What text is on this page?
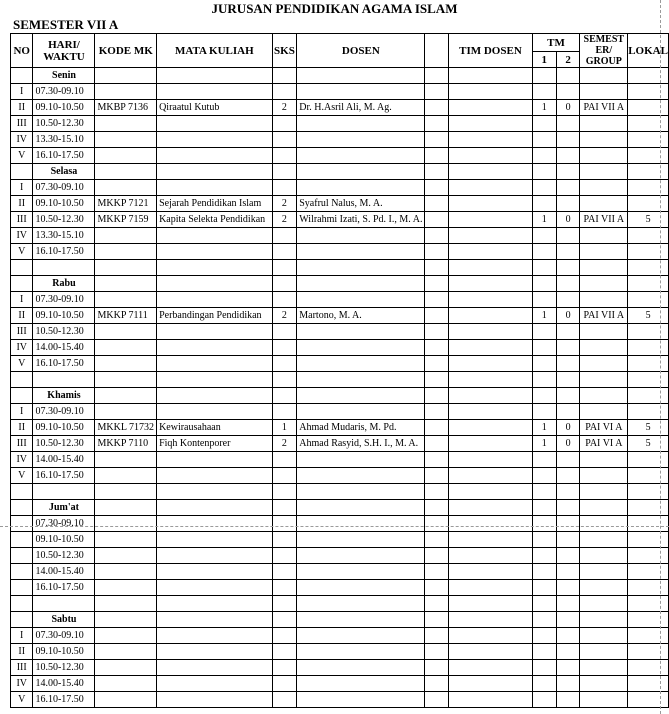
JURUSAN PENDIDIKAN AGAMA ISLAM
SEMESTER VII A
NO	HARI/ WAKTU	KODE MK	MATA KULIAH	SKS	DOSEN		TIM DOSEN	TM		SEMEST ER/ GROUP	LOKAL
								1	2		
	Senin										
I	07.30-09.10										
II	09.10-10.50	MKBP 7136	Qiraatul Kutub	2	Dr. H.Asril Ali, M. Ag.			1	0	PAI VII A	
III	10.50-12.30										
IV	13.30-15.10										
V	16.10-17.50										
	Selasa										
I	07.30-09.10										
II	09.10-10.50	MKKP 7121	Sejarah Pendidikan Islam	2	Syafrul Nalus, M. A.						
III	10.50-12.30	MKKP 7159	Kapita Selekta Pendidikan	2	Wilrahmi Izati, S. Pd. I., M. A.			1	0	PAI VII A	5
IV	13.30-15.10										
V	16.10-17.50										

	Rabu										
I	07.30-09.10										
II	09.10-10.50	MKKP 7111	Perbandingan Pendidikan	2	Martono, M. A.			1	0	PAI VII A	5
III	10.50-12.30										
IV	14.00-15.40										
V	16.10-17.50										

	Khamis										
I	07.30-09.10										
II	09.10-10.50	MKKL 71732	Kewirausahaan	1	Ahmad Mudaris, M. Pd.			1	0	PAI VI A	5
III	10.50-12.30	MKKP 7110	Fiqh Kontenporer	2	Ahmad Rasyid, S.H. I., M. A.			1	0	PAI VI A	5
IV	14.00-15.40										
V	16.10-17.50										

	Jum'at										
	07.30-09.10										
	09.10-10.50										
	10.50-12.30										
	14.00-15.40										
	16.10-17.50										

	Sabtu										
I	07.30-09.10										
II	09.10-10.50										
III	10.50-12.30										
IV	14.00-15.40										
V	16.10-17.50										
